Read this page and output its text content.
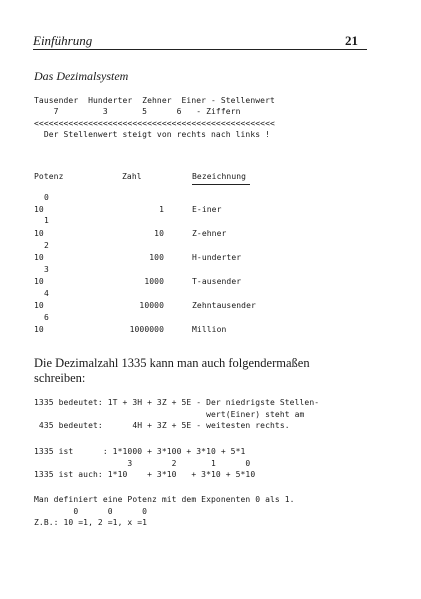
Einführung	21
Das Dezimalsystem
Tausender  Hunderter  Zehner  Einer - Stellenwert
7         3       5      6   - Ziffern
<<<<<<<<<<<<<<<<<<<<<<<<<<<<<<<<<<<<<<<<<<<<<<<<<
Der Stellenwert steigt von rechts nach links !
Potenz	Zahl	Bezeichnung
0
10	1	E-iner
1
10	10	Z-ehner
2
10	100	H-underter
3
10	1000	T-ausender
4
10	10000	Zehntausender
6
10	1000000	Million
Die Dezimalzahl 1335 kann man auch folgendermaßen
schreiben:
1335 bedeutet: 1T + 3H + 3Z + 5E - Der niedrigste Stellen-
wert(Einer) steht am
435 bedeutet:      4H + 3Z + 5E - weitesten rechts.
1335 ist      : 1*1000 + 3*100 + 3*10 + 5*1
3        2       1      0
1335 ist auch: 1*10    + 3*10   + 3*10 + 5*10
Man definiert eine Potenz mit dem Exponenten 0 als 1.
0      0      0
Z.B.: 10 =1, 2 =1, x =1
